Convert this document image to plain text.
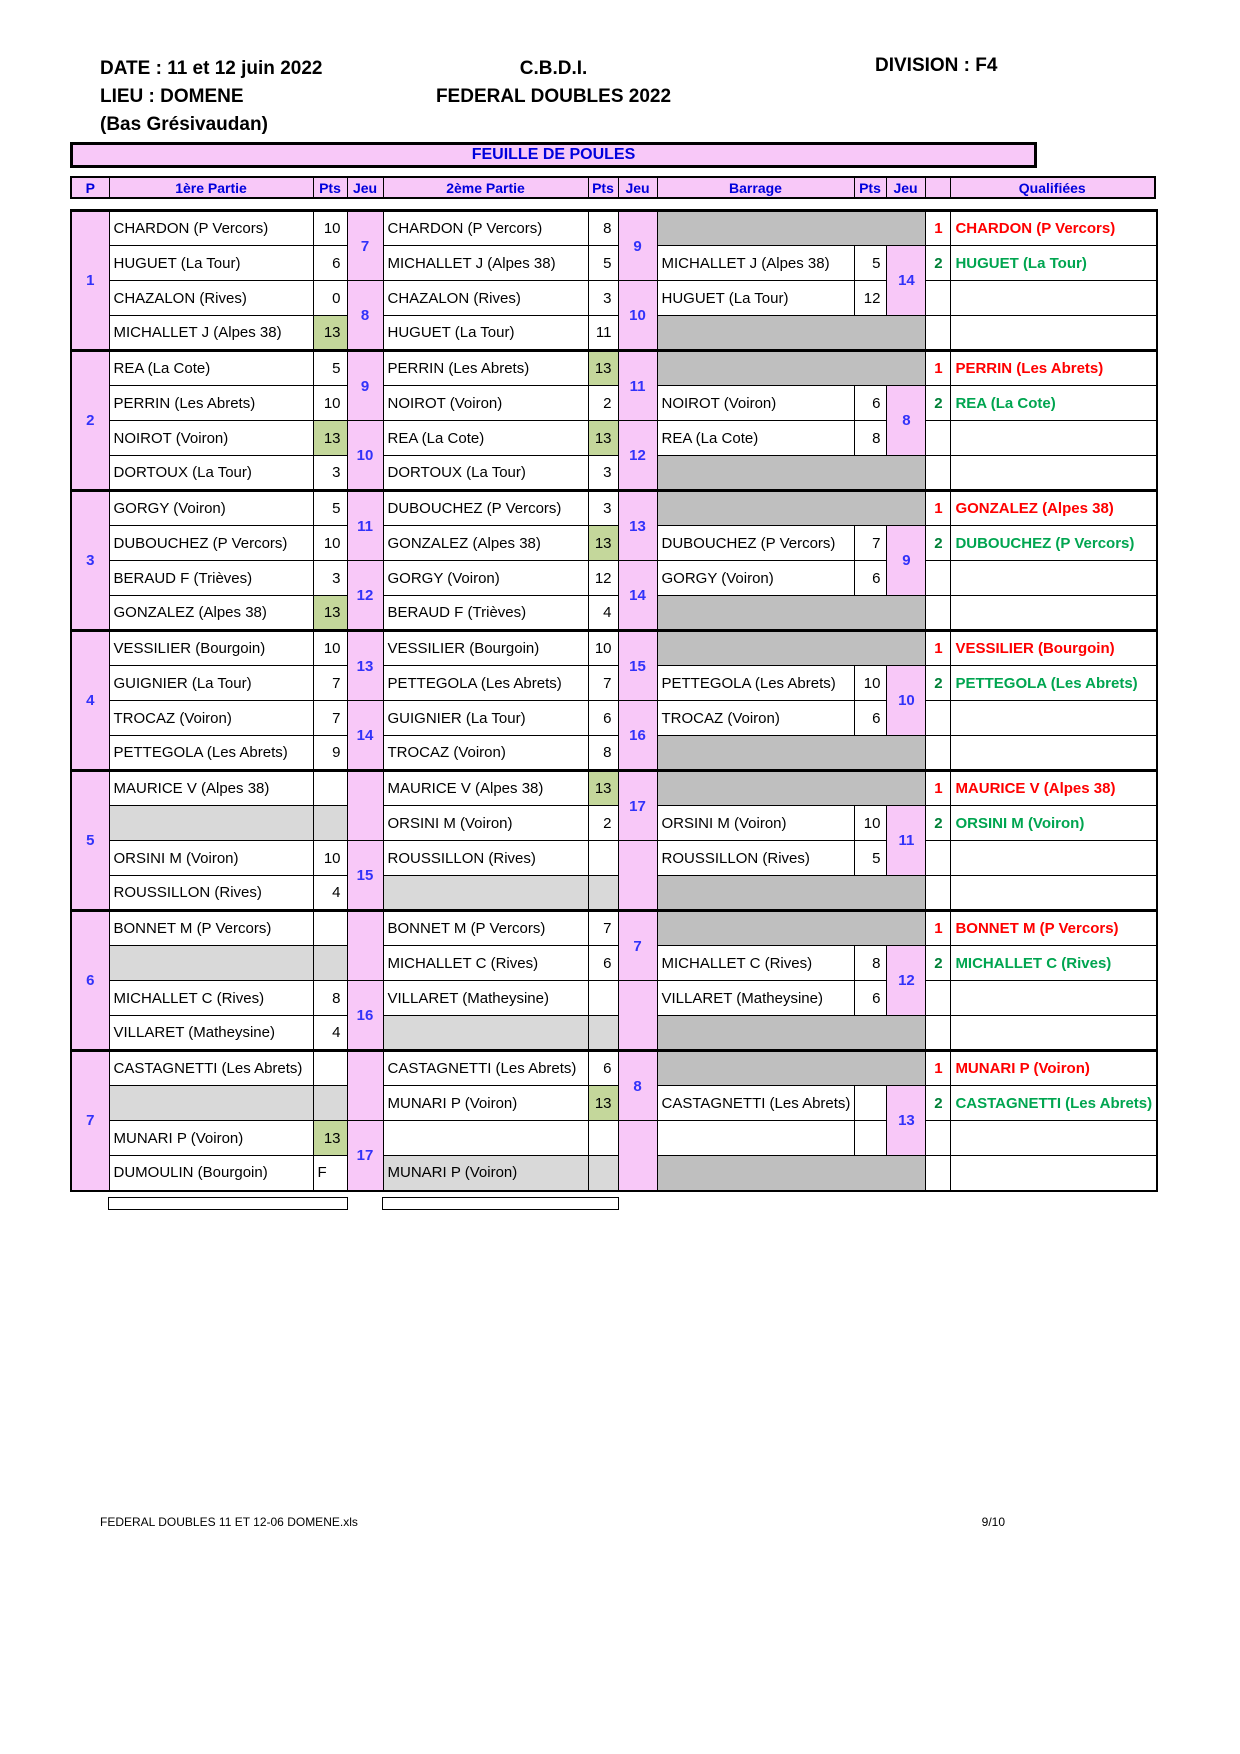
DATE : 11 et 12 juin 2022
LIEU : DOMENE
(Bas Grésivaudan)
C.B.D.I.
FEDERAL DOUBLES 2022
DIVISION : F4
FEUILLE DE POULES
P	1ère Partie	Pts	Jeu	2ème Partie	Pts	Jeu	Barrage	Pts	Jeu		Qualifiées
1	CHARDON (P Vercors)	10	7	CHARDON (P Vercors)	8	9				1	CHARDON (P Vercors)
	HUGUET (La Tour)	6		MICHALLET J (Alpes 38)	5		MICHALLET J (Alpes 38)	5	14	2	HUGUET (La Tour)
	CHAZALON (Rives)	0	8	CHAZALON (Rives)	3	10	HUGUET (La Tour)	12			
	MICHALLET J (Alpes 38)	13		HUGUET (La Tour)	11						
2	REA (La Cote)	5	9	PERRIN (Les Abrets)	13	11				1	PERRIN (Les Abrets)
	PERRIN (Les Abrets)	10		NOIROT (Voiron)	2		NOIROT (Voiron)	6	8	2	REA (La Cote)
	NOIROT (Voiron)	13	10	REA (La Cote)	13	12	REA (La Cote)	8			
	DORTOUX (La Tour)	3		DORTOUX (La Tour)	3						
3	GORGY (Voiron)	5	11	DUBOUCHEZ (P Vercors)	3	13				1	GONZALEZ (Alpes 38)
	DUBOUCHEZ (P Vercors)	10		GONZALEZ (Alpes 38)	13		DUBOUCHEZ (P Vercors)	7	9	2	DUBOUCHEZ (P Vercors)
	BERAUD F (Trièves)	3	12	GORGY (Voiron)	12	14	GORGY (Voiron)	6			
	GONZALEZ (Alpes 38)	13		BERAUD F (Trièves)	4						
4	VESSILIER (Bourgoin)	10	13	VESSILIER (Bourgoin)	10	15				1	VESSILIER (Bourgoin)
	GUIGNIER (La Tour)	7		PETTEGOLA (Les Abrets)	7		PETTEGOLA (Les Abrets)	10	10	2	PETTEGOLA (Les Abrets)
	TROCAZ (Voiron)	7	14	GUIGNIER (La Tour)	6	16	TROCAZ (Voiron)	6			
	PETTEGOLA (Les Abrets)	9		TROCAZ (Voiron)	8						
5	MAURICE V (Alpes 38)			MAURICE V (Alpes 38)	13	17				1	MAURICE V (Alpes 38)
				ORSINI M (Voiron)	2		ORSINI M (Voiron)	10	11	2	ORSINI M (Voiron)
	ORSINI M (Voiron)	10	15	ROUSSILLON (Rives)			ROUSSILLON (Rives)	5			
	ROUSSILLON (Rives)	4									
6	BONNET M (P Vercors)			BONNET M (P Vercors)	7	7				1	BONNET M (P Vercors)
				MICHALLET C (Rives)	6		MICHALLET C (Rives)	8	12	2	MICHALLET C (Rives)
	MICHALLET C (Rives)	8	16	VILLARET (Matheysine)			VILLARET (Matheysine)	6			
	VILLARET (Matheysine)	4									
7	CASTAGNETTI (Les Abrets)			CASTAGNETTI (Les Abrets)	6	8				1	MUNARI P (Voiron)
				MUNARI P (Voiron)	13		CASTAGNETTI (Les Abrets)		13	2	CASTAGNETTI (Les Abrets)
	MUNARI P (Voiron)	13	17								
	DUMOULIN (Bourgoin)	F		MUNARI P (Voiron)							
FEDERAL DOUBLES 11 ET 12-06 DOMENE.xls	9/10
